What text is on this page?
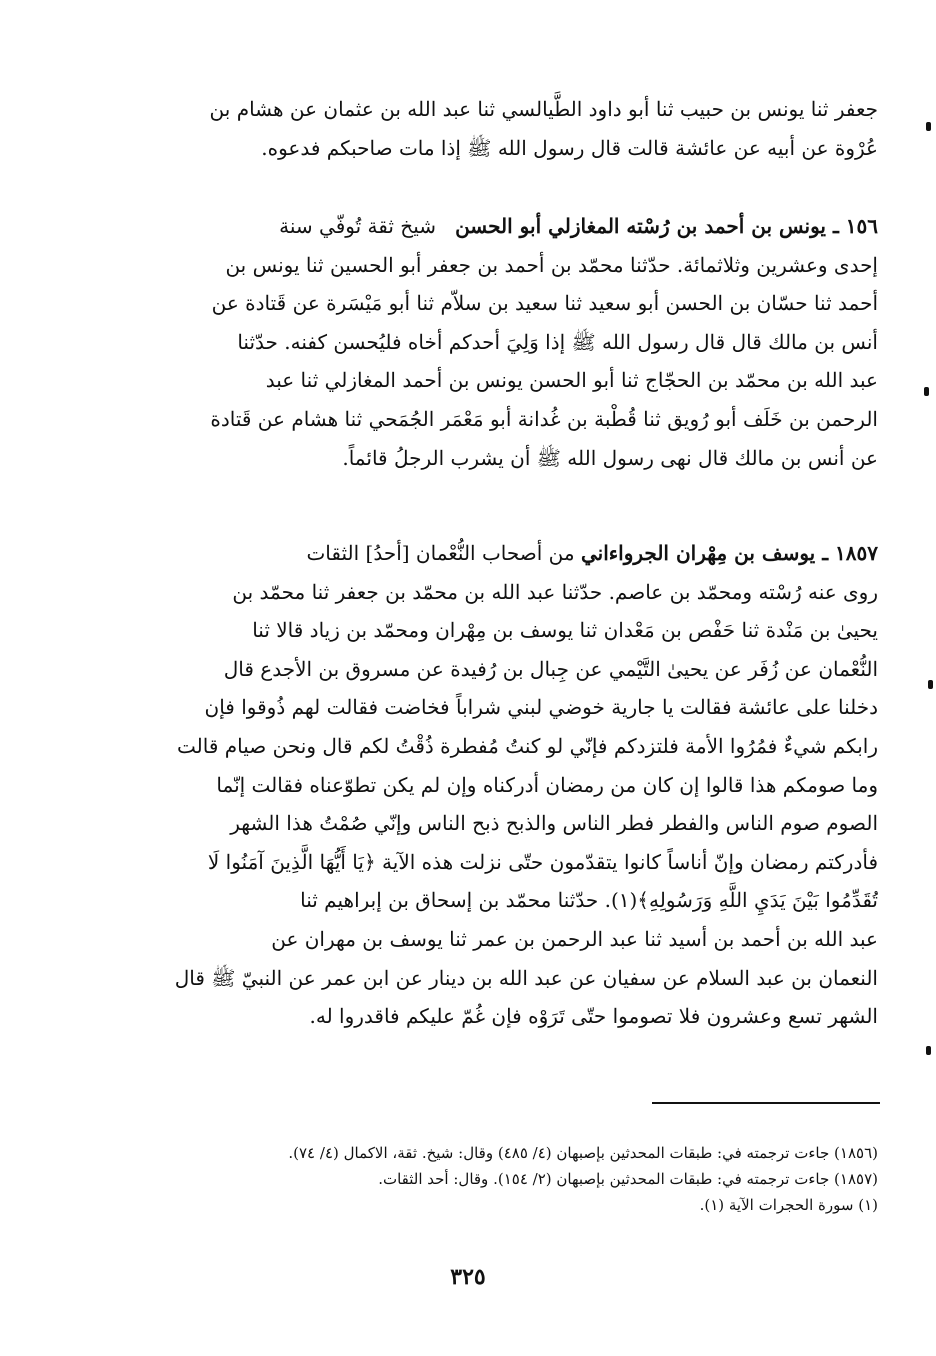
جعفر ثنا يونس بن حبيب ثنا أبو داود الطَّيالسي ثنا عبد الله بن عثمان عن هشام بن
عُرْوة عن أبيه عن عائشة قالت قال رسول الله ﷺ إذا مات صاحبكم فدعوه.

١٥٦ ـ يونس بن أحمد بن رُسْته المغازلي أبو الحسن   شيخ ثقة تُوفّي سنة
إحدى وعشرين وثلاثمائة. حدّثنا محمّد بن أحمد بن جعفر أبو الحسين ثنا يونس بن
أحمد ثنا حسّان بن الحسن أبو سعيد ثنا سعيد بن سلاّم ثنا أبو مَيْسَرة عن قَتادة عن
أنس بن مالك قال قال رسول الله ﷺ إذا وَلِيَ أحدكم أخاه فليُحسن كفنه. حدّثنا
عبد الله بن محمّد بن الحجّاج ثنا أبو الحسن يونس بن أحمد المغازلي ثنا عبد
الرحمن بن خَلَف أبو رُويق ثنا قُطْبة بن غُدانة أبو مَعْمَر الجُمَحي ثنا هشام عن قَتادة
عن أنس بن مالك قال نهى رسول الله ﷺ أن يشرب الرجلُ قائماً.

١٨٥٧ ـ يوسف بن مِهْران الجرواءاني من أصحاب النُّعْمان [أحدُ] الثقات
روى عنه رُسْته ومحمّد بن عاصم. حدّثنا عبد الله بن محمّد بن جعفر ثنا محمّد بن
يحيىٰ بن مَنْدة ثنا حَفْص بن مَعْدان ثنا يوسف بن مِهْران ومحمّد بن زياد قالا ثنا
النُّعْمان عن زُفَر عن يحيىٰ التَّيْمي عن جِبال بن رُفيدة عن مسروق بن الأجدع قال
دخلنا على عائشة فقالت يا جارية خوضي لبني شراباً فخاضت فقالت لهم ذُوقوا فإن
رابكم شيءٌ فمُرُوا الأمة فلتزدكم فإنّي لو كنتُ مُفطرة ذُقْتُ لكم قال ونحن صيام قالت
وما صومكم هذا قالوا إن كان من رمضان أدركناه وإن لم يكن تطوّعناه فقالت إنّما
الصوم صوم الناس والفطر فطر الناس والذبح ذبح الناس وإنّي صُمْتُ هذا الشهر
فأدركتم رمضان وإنّ أناساً كانوا يتقدّمون حتّى نزلت هذه الآية ﴿يَا أَيُّهَا الَّذِينَ آمَنُوا لَا
تُقَدِّمُوا بَيْنَ يَدَيِ اللَّهِ وَرَسُولِهِ﴾(١). حدّثنا محمّد بن إسحاق بن إبراهيم ثنا
عبد الله بن أحمد بن أسيد ثنا عبد الرحمن بن عمر ثنا يوسف بن مهران عن
النعمان بن عبد السلام عن سفيان عن عبد الله بن دينار عن ابن عمر عن النبيّ ﷺ قال
الشهر تسع وعشرون فلا تصوموا حتّى تَرَوْه فإن غُمّ عليكم فاقدروا له.

(١٨٥٦) جاءت ترجمته في: طبقات المحدثين بإصبهان (٤/ ٤٨٥) وقال: شيخ. ثقة، الاكمال (٤/ ٧٤).
(١٨٥٧) جاءت ترجمته في: طبقات المحدثين بإصبهان (٢/ ١٥٤). وقال: أحد الثقات.
(١) سورة الحجرات الآية (١).
٣٢٥
